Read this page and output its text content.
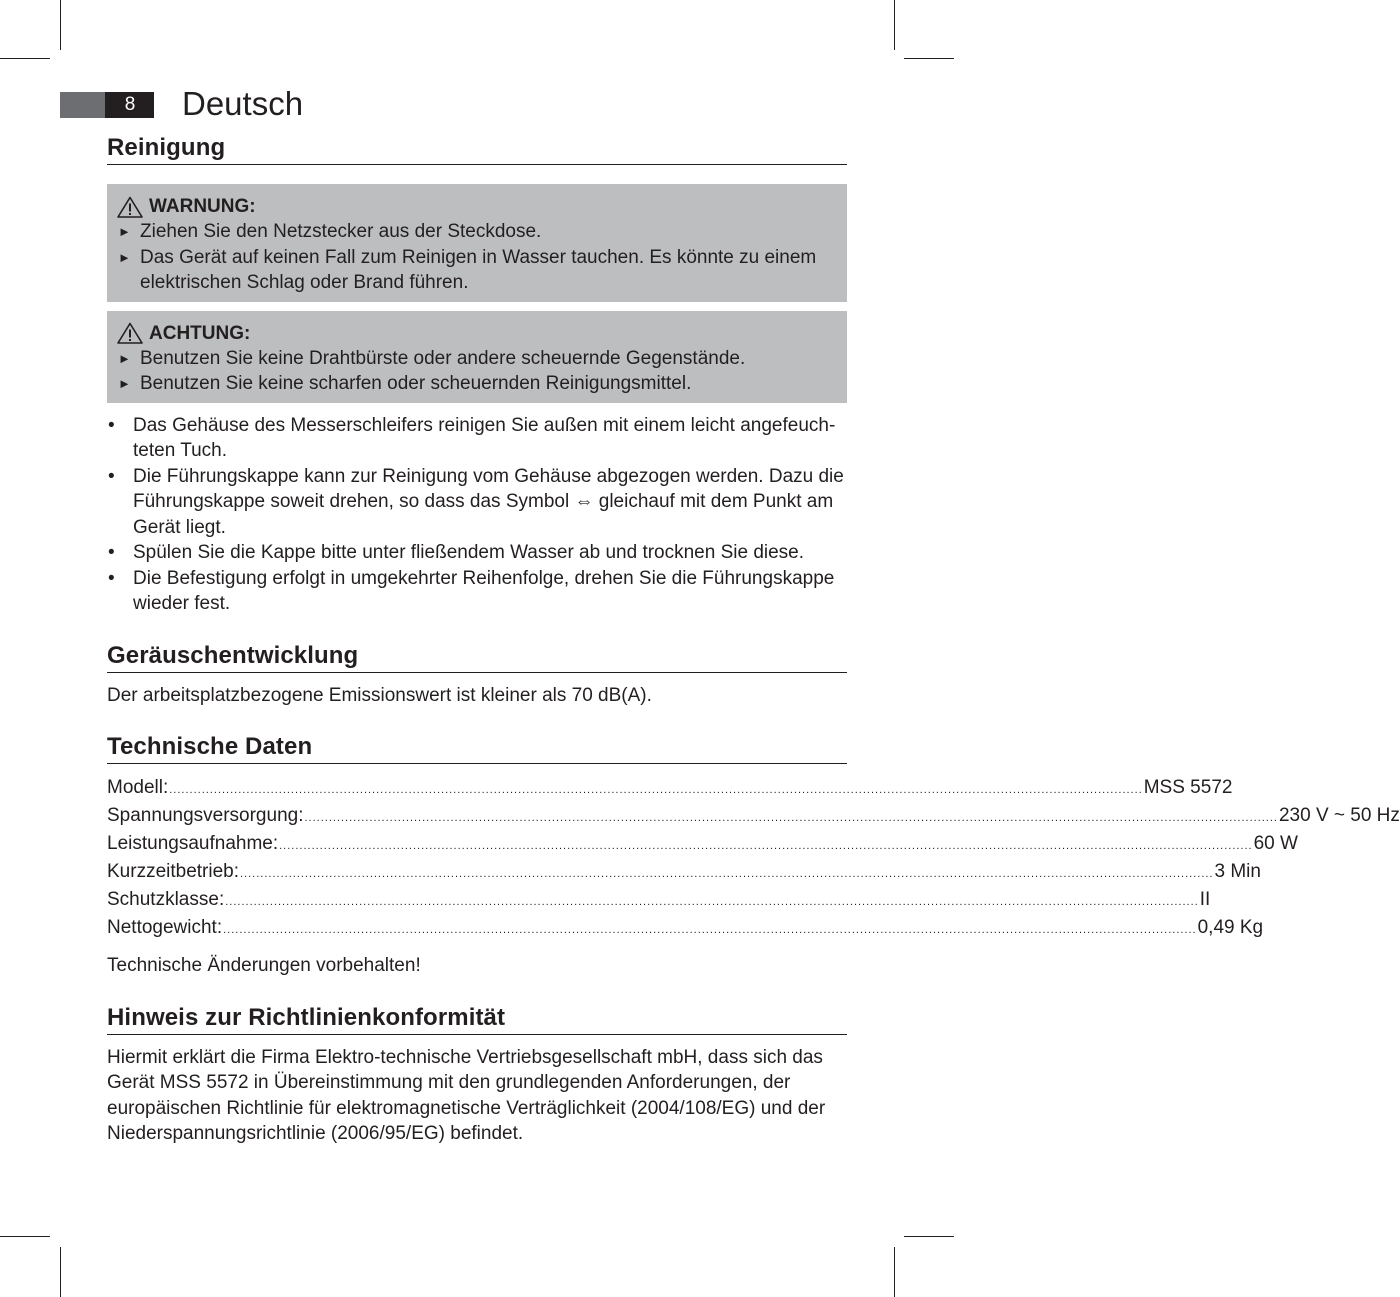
8	Deutsch
Reinigung
WARNUNG:
► Ziehen Sie den Netzstecker aus der Steckdose.
► Das Gerät auf keinen Fall zum Reinigen in Wasser tauchen. Es könnte zu einem elektrischen Schlag oder Brand führen.
ACHTUNG:
► Benutzen Sie keine Drahtbürste oder andere scheuernde Gegenstände.
► Benutzen Sie keine scharfen oder scheuernden Reinigungsmittel.
• Das Gehäuse des Messerschleifers reinigen Sie außen mit einem leicht angefeuchteten Tuch.
• Die Führungskappe kann zur Reinigung vom Gehäuse abgezogen werden. Dazu die Führungskappe soweit drehen, so dass das Symbol ⇔ gleichauf mit dem Punkt am Gerät liegt.
• Spülen Sie die Kappe bitte unter fließendem Wasser ab und trocknen Sie diese.
• Die Befestigung erfolgt in umgekehrter Reihenfolge, drehen Sie die Führungskappe wieder fest.
Geräuschentwicklung

Der arbeitsplatzbezogene Emissionswert ist kleiner als 70 dB(A).

Technische Daten
Modell: ................................................................................................................................................................................................................................................ MSS 5572
Spannungsversorgung: ................................................................................................................................................................................................................................................ 230 V ~ 50 Hz
Leistungsaufnahme: ................................................................................................................................................................................................................................................ 60 W
Kurzzeitbetrieb: ................................................................................................................................................................................................................................................ 3 Min
Schutzklasse: ................................................................................................................................................................................................................................................ II
Nettogewicht: ................................................................................................................................................................................................................................................ 0,49 Kg

Technische Änderungen vorbehalten!

Hinweis zur Richtlinienkonformität

Hiermit erklärt die Firma Elektro-technische Vertriebsgesellschaft mbH, dass sich das Gerät MSS 5572 in Übereinstimmung mit den grundlegenden Anforderungen, der europäischen Richtlinie für elektromagnetische Verträglichkeit (2004/108/EG) und der Niederspannungsrichtlinie (2006/95/EG) befindet.
